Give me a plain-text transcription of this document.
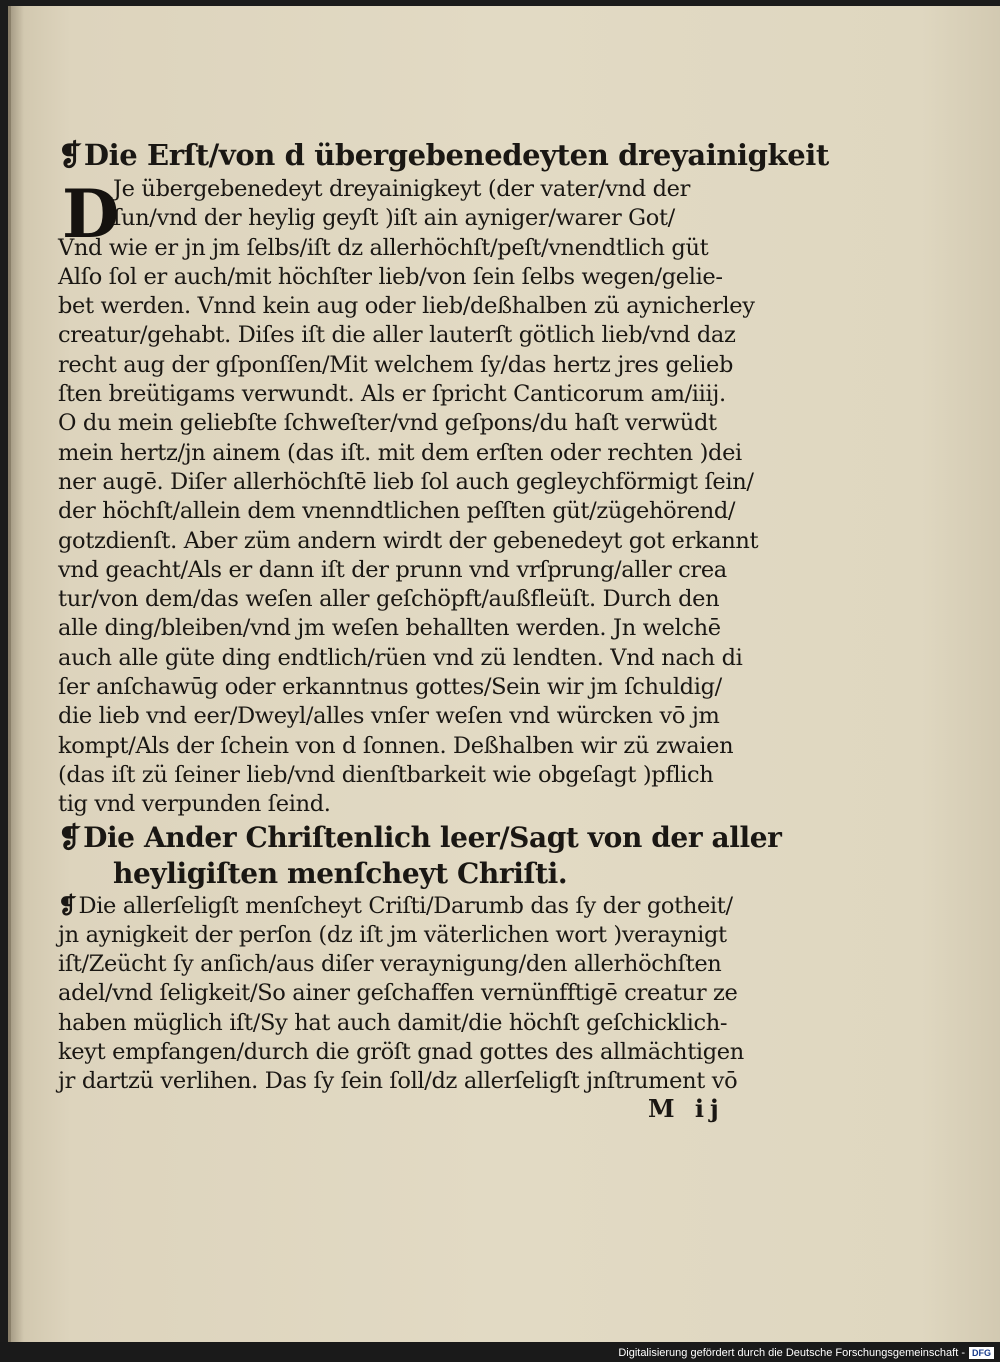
❡Die Erſt/von d übergebenedeyten dreyainigkeit
D
Je übergebenedeyt dreyainigkeyt (der vater/vnd der
ſun/vnd der heylig geyſt )iſt ain ayniger/warer Got/
Vnd wie er jn jm ſelbs/iſt dz allerhöchſt/peſt/vnendtlich güt
Alſo ſol er auch/mit höchſter lieb/von ſein ſelbs wegen/gelie-
bet werden. Vnnd kein aug oder lieb/deßhalben zü aynicherley
creatur/gehabt. Diſes iſt die aller lauterſt götlich lieb/vnd daz
recht aug der gſponſſen/Mit welchem ſy/das hertz jres gelieb
ſten breütigams verwundt. Als er ſpricht Canticorum am/iiij.
O du mein geliebſte ſchweſter/vnd geſpons/du haſt verwüdt
mein hertz/jn ainem (das iſt. mit dem erſten oder rechten )dei
ner augē. Diſer allerhöchſtē lieb ſol auch gegleychförmigt ſein/
der höchſt/allein dem vnenndtlichen peſſten güt/zügehörend/
gotzdienſt. Aber züm andern wirdt der gebenedeyt got erkannt
vnd geacht/Als er dann iſt der prunn vnd vrſprung/aller crea
tur/von dem/das weſen aller geſchöpft/außfleüſt. Durch den
alle ding/bleiben/vnd jm weſen behallten werden. Jn welchē
auch alle güte ding endtlich/rüen vnd zü lendten. Vnd nach di
ſer anſchawūg oder erkanntnus gottes/Sein wir jm ſchuldig/
die lieb vnd eer/Dweyl/alles vnſer weſen vnd würcken vō jm
kompt/Als der ſchein von d ſonnen. Deßhalben wir zü zwaien
(das iſt zü ſeiner lieb/vnd dienſtbarkeit wie obgeſagt )pflich
tig vnd verpunden ſeind.
❡Die Ander Chriſtenlich leer/Sagt von der aller
heyligiſten menſcheyt Chriſti.
❡Die allerſeligſt menſcheyt Criſti/Darumb das ſy der gotheit/
jn aynigkeit der perſon (dz iſt jm väterlichen wort )veraynigt
iſt/Zeücht ſy anſich/aus diſer veraynigung/den allerhöchſten
adel/vnd ſeligkeit/So ainer geſchaffen vernünfftigē creatur ze
haben müglich iſt/Sy hat auch damit/die höchſt geſchicklich-
keyt empfangen/durch die gröſt gnad gottes des allmächtigen
jr dartzü verlihen. Das ſy ſein ſoll/dz allerſeligſt jnſtrument vō
M ij
Digitalisierung gefördert durch die Deutsche Forschungsgemeinschaft - DFG
